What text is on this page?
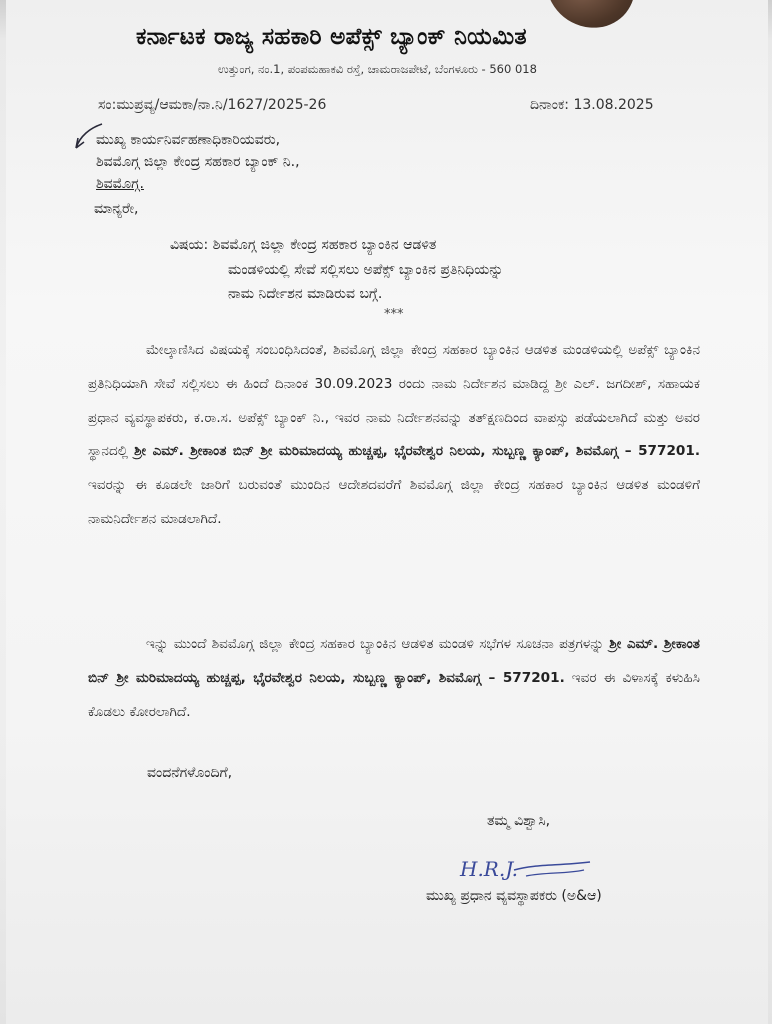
ಕರ್ನಾಟಕ ರಾಜ್ಯ ಸಹಕಾರಿ ಅಪೆಕ್ಸ್ ಬ್ಯಾಂಕ್ ನಿಯಮಿತ
ಉತ್ತುಂಗ, ನಂ.1, ಪಂಪಮಹಾಕವಿ ರಸ್ತೆ, ಚಾಮರಾಜಪೇಟೆ, ಬೆಂಗಳೂರು - 560 018
ಸಂ:ಮುಪ್ರವ್ಯ/ಆಮಕಾ/ನಾ.ನಿ/1627/2025-26	ದಿನಾಂಕ: 13.08.2025
ಮುಖ್ಯ ಕಾರ್ಯನಿರ್ವಹಣಾಧಿಕಾರಿಯವರು,
ಶಿವಮೊಗ್ಗ ಜಿಲ್ಲಾ ಕೇಂದ್ರ ಸಹಕಾರ ಬ್ಯಾಂಕ್ ನಿ.,
ಶಿವಮೊಗ್ಗ.
ಮಾನ್ಯರೇ,
ವಿಷಯ: ಶಿವಮೊಗ್ಗ ಜಿಲ್ಲಾ ಕೇಂದ್ರ ಸಹಕಾರ ಬ್ಯಾಂಕಿನ ಆಡಳಿತ
ಮಂಡಳಿಯಲ್ಲಿ ಸೇವೆ ಸಲ್ಲಿಸಲು ಅಪೆಕ್ಸ್ ಬ್ಯಾಂಕಿನ ಪ್ರತಿನಿಧಿಯನ್ನು
ನಾಮ ನಿರ್ದೇಶನ ಮಾಡಿರುವ ಬಗ್ಗೆ.
***
ಮೇಲ್ಕಾಣಿಸಿದ ವಿಷಯಕ್ಕೆ ಸಂಬಂಧಿಸಿದಂತೆ, ಶಿವಮೊಗ್ಗ ಜಿಲ್ಲಾ ಕೇಂದ್ರ ಸಹಕಾರ ಬ್ಯಾಂಕಿನ ಆಡಳಿತ ಮಂಡಳಿಯಲ್ಲಿ ಅಪೆಕ್ಸ್ ಬ್ಯಾಂಕಿನ ಪ್ರತಿನಿಧಿಯಾಗಿ ಸೇವೆ ಸಲ್ಲಿಸಲು ಈ ಹಿಂದೆ ದಿನಾಂಕ 30.09.2023 ರಂದು ನಾಮ ನಿರ್ದೇಶನ ಮಾಡಿದ್ದ ಶ್ರೀ ಎಲ್. ಜಗದೀಶ್, ಸಹಾಯಕ ಪ್ರಧಾನ ವ್ಯವಸ್ಥಾಪಕರು, ಕ.ರಾ.ಸ. ಅಪೆಕ್ಸ್ ಬ್ಯಾಂಕ್ ನಿ., ಇವರ ನಾಮ ನಿರ್ದೇಶನವನ್ನು ತತ್‌ಕ್ಷಣದಿಂದ ವಾಪಸ್ಸು ಪಡೆಯಲಾಗಿದೆ ಮತ್ತು ಅವರ ಸ್ಥಾನದಲ್ಲಿ ಶ್ರೀ ಎಮ್. ಶ್ರೀಕಾಂತ ಬಿನ್ ಶ್ರೀ ಮರಿಮಾದಯ್ಯ ಹುಚ್ಚಪ್ಪ, ಭೈರವೇಶ್ವರ ನಿಲಯ, ಸುಬ್ಬಣ್ಣ ಕ್ಯಾಂಪ್, ಶಿವಮೊಗ್ಗ – 577201. ಇವರನ್ನು ಈ ಕೂಡಲೇ ಜಾರಿಗೆ ಬರುವಂತೆ ಮುಂದಿನ ಆದೇಶದವರೆಗೆ ಶಿವಮೊಗ್ಗ ಜಿಲ್ಲಾ ಕೇಂದ್ರ ಸಹಕಾರ ಬ್ಯಾಂಕಿನ ಆಡಳಿತ ಮಂಡಳಿಗೆ ನಾಮನಿರ್ದೇಶನ ಮಾಡಲಾಗಿದೆ.
ಇನ್ನು ಮುಂದೆ ಶಿವಮೊಗ್ಗ ಜಿಲ್ಲಾ ಕೇಂದ್ರ ಸಹಕಾರ ಬ್ಯಾಂಕಿನ ಆಡಳಿತ ಮಂಡಳಿ ಸಭೆಗಳ ಸೂಚನಾ ಪತ್ರಗಳನ್ನು ಶ್ರೀ ಎಮ್. ಶ್ರೀಕಾಂತ ಬಿನ್ ಶ್ರೀ ಮರಿಮಾದಯ್ಯ ಹುಚ್ಚಪ್ಪ, ಭೈರವೇಶ್ವರ ನಿಲಯ, ಸುಬ್ಬಣ್ಣ ಕ್ಯಾಂಪ್, ಶಿವಮೊಗ್ಗ – 577201. ಇವರ ಈ ವಿಳಾಸಕ್ಕೆ ಕಳುಹಿಸಿ ಕೊಡಲು ಕೋರಲಾಗಿದೆ.
ವಂದನೆಗಳೊಂದಿಗೆ,
ತಮ್ಮ ವಿಶ್ವಾಸಿ,
H.R.J.
ಮುಖ್ಯ ಪ್ರಧಾನ ವ್ಯವಸ್ಥಾಪಕರು (ಅ&ಆ)
